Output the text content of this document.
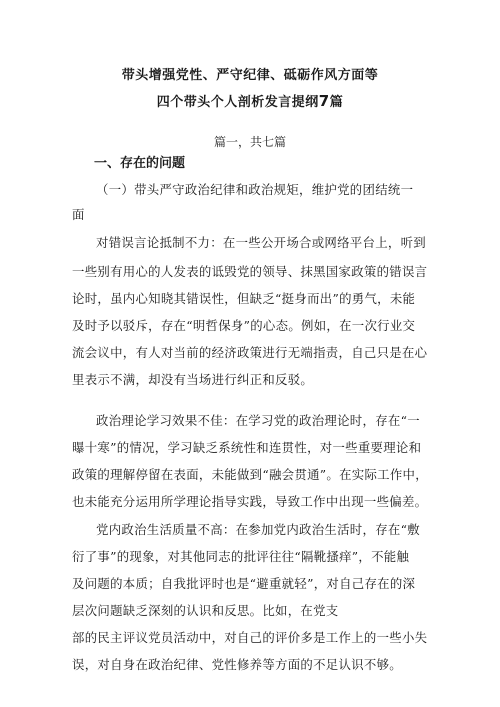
带头增强党性、严守纪律、砥砺作风方面等
四个带头个人剖析发言提纲7篇
篇一，共七篇
一、存在的问题
（一）带头严守政治纪律和政治规矩，维护党的团结统一
面
对错误言论抵制不力：在一些公开场合或网络平台上，听到
一些别有用心的人发表的诋毁党的领导、抹黑国家政策的错误言
论时，虽内心知晓其错误性，但缺乏“挺身而出”的勇气，未能
及时予以驳斥，存在“明哲保身”的心态。例如，在一次行业交
流会议中，有人对当前的经济政策进行无端指责，自己只是在心
里表示不满，却没有当场进行纠正和反驳。
政治理论学习效果不佳：在学习党的政治理论时，存在“一
曝十寒”的情况，学习缺乏系统性和连贯性，对一些重要理论和
政策的理解停留在表面，未能做到“融会贯通”。在实际工作中，
也未能充分运用所学理论指导实践，导致工作中出现一些偏差。
党内政治生活质量不高：在参加党内政治生活时，存在“敷
衍了事”的现象，对其他同志的批评往往“隔靴搔痒”，不能触
及问题的本质；自我批评时也是“避重就轻”，对自己存在的深
层次问题缺乏深刻的认识和反思。比如，在党支
部的民主评议党员活动中，对自己的评价多是工作上的一些小失
误，对自身在政治纪律、党性修养等方面的不足认识不够。
